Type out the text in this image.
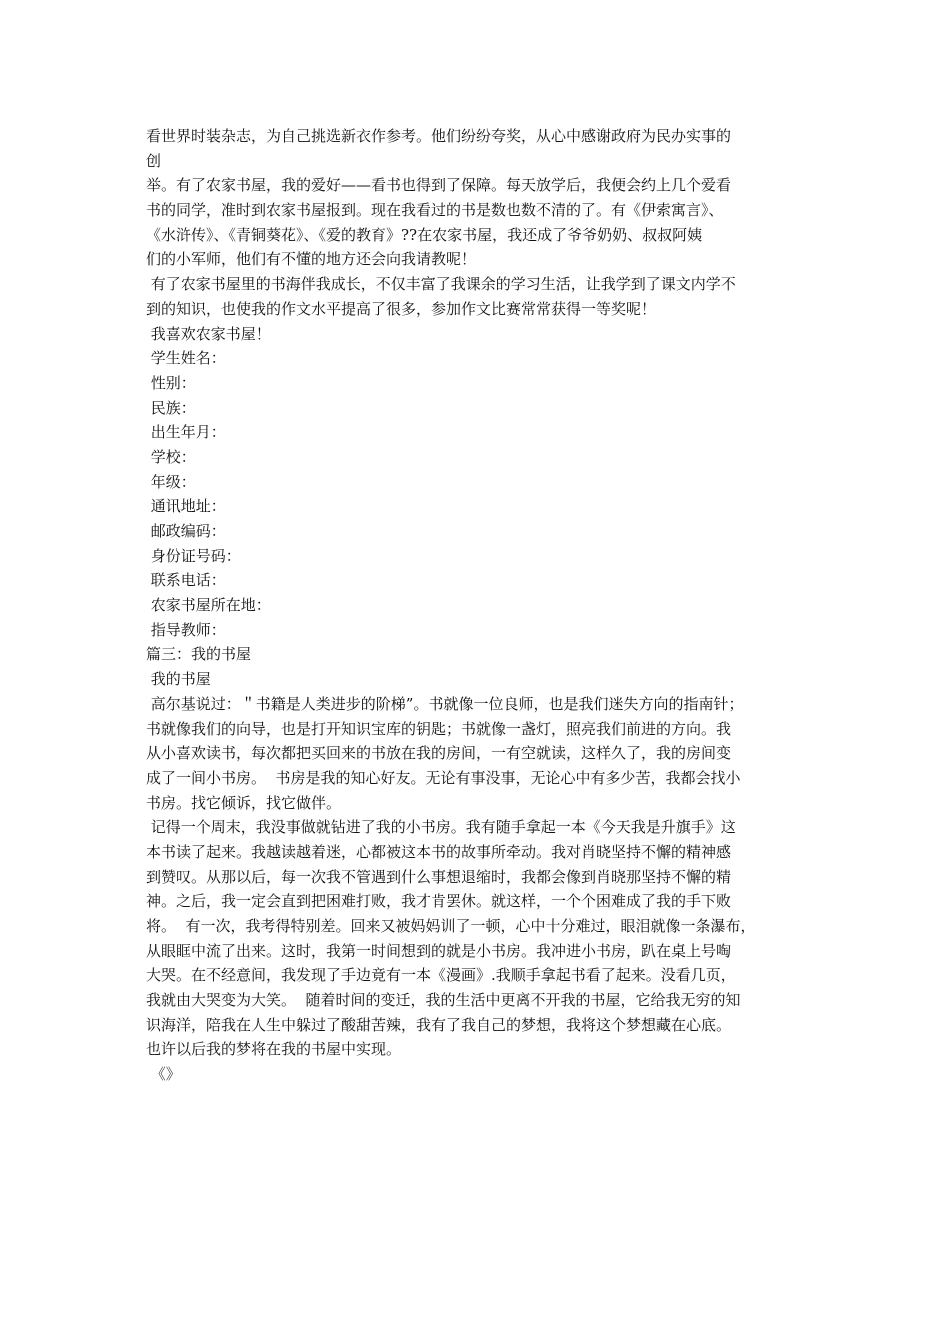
看世界时装杂志，为自己挑选新衣作参考。他们纷纷夸奖，从心中感谢政府为民办实事的

创

举。有了农家书屋，我的爱好——看书也得到了保障。每天放学后，我便会约上几个爱看

书的同学，准时到农家书屋报到。现在我看过的书是数也数不清的了。有《伊索寓言》、

《水浒传》、《青铜葵花》、《爱的教育》??在农家书屋，我还成了爷爷奶奶、叔叔阿姨

们的小军师，他们有不懂的地方还会向我请教呢！

有了农家书屋里的书海伴我成长，不仅丰富了我课余的学习生活，让我学到了课文内学不

到的知识，也使我的作文水平提高了很多，参加作文比赛常常获得一等奖呢！

我喜欢农家书屋！

学生姓名：

性别：

民族：

出生年月：

学校：

年级：

通讯地址：

邮政编码：

身份证号码：

联系电话：

农家书屋所在地：

指导教师：

篇三：我的书屋

我的书屋

高尔基说过：＂书籍是人类进步的阶梯”。书就像一位良师，也是我们迷失方向的指南针；

书就像我们的向导，也是打开知识宝库的钥匙；书就像一盏灯，照亮我们前进的方向。我

从小喜欢读书，每次都把买回来的书放在我的房间，一有空就读，这样久了，我的房间变

成了一间小书房。  书房是我的知心好友。无论有事没事，无论心中有多少苦，我都会找小

书房。找它倾诉，找它做伴。

记得一个周末，我没事做就钻进了我的小书房。我有随手拿起一本《今天我是升旗手》这

本书读了起来。我越读越着迷，心都被这本书的故事所牵动。我对肖晓坚持不懈的精神感

到赞叹。从那以后，每一次我不管遇到什么事想退缩时，我都会像到肖晓那坚持不懈的精

神。之后，我一定会直到把困难打败，我才肯罢休。就这样，一个个困难成了我的手下败

将。  有一次，我考得特别差。回来又被妈妈训了一顿，心中十分难过，眼泪就像一条瀑布，

从眼眶中流了出来。这时，我第一时间想到的就是小书房。我冲进小书房，趴在桌上号啕

大哭。在不经意间，我发现了手边竟有一本《漫画》.我顺手拿起书看了起来。没看几页，

我就由大哭变为大笑。  随着时间的变迁，我的生活中更离不开我的书屋，它给我无穷的知

识海洋，陪我在人生中躲过了酸甜苦辣，我有了我自己的梦想，我将这个梦想藏在心底。

也许以后我的梦将在我的书屋中实现。

《》
